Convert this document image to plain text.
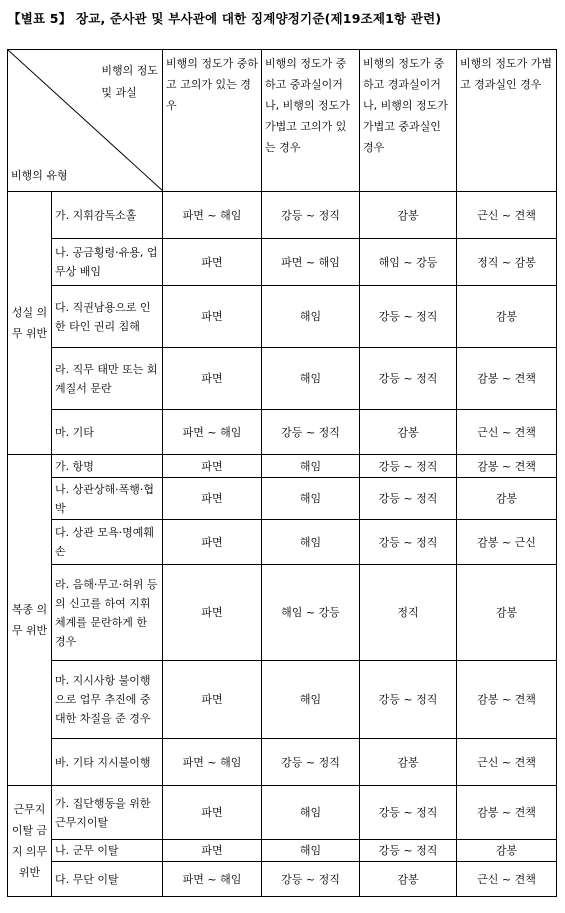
【별표 5】 장교, 준사관 및 부사관에 대한 징계양정기준(제19조제1항 관련)
비행의 정도
및 과실
비행의 유형		비행의 정도가 중하고 고의가 있는 경우	비행의 정도가 중하고 중과실이거나, 비행의 정도가 가볍고 고의가 있는 경우	비행의 정도가 중하고 경과실이거나, 비행의 정도가 가볍고 중과실인 경우	비행의 정도가 가볍고 경과실인 경우
성실 의무 위반	가. 지휘감독소홀	파면 ~ 해임	강등 ~ 정직	감봉	근신 ~ 견책
	나. 공금횡령·유용, 업무상 배임	파면	파면 ~ 해임	해임 ~ 강등	정직 ~ 감봉
	다. 직권남용으로 인한 타인 권리 침해	파면	해임	강등 ~ 정직	감봉
	라. 직무 태만 또는 회계질서 문란	파면	해임	강등 ~ 정직	감봉 ~ 견책
	마. 기타	파면 ~ 해임	강등 ~ 정직	감봉	근신 ~ 견책
복종 의무 위반	가. 항명	파면	해임	강등 ~ 정직	감봉 ~ 견책
	나. 상관상해·폭행·협박	파면	해임	강등 ~ 정직	감봉
	다. 상관 모욕·명예훼손	파면	해임	강등 ~ 정직	감봉 ~ 근신
	라. 음해·무고·허위 등의 신고를 하여 지휘체계를 문란하게 한 경우	파면	해임 ~ 강등	정직	감봉
	마. 지시사항 불이행으로 업무 추진에 중대한 차질을 준 경우	파면	해임	강등 ~ 정직	감봉 ~ 견책
	바. 기타 지시불이행	파면 ~ 해임	강등 ~ 정직	감봉	근신 ~ 견책
근무지 이탈 금지 의무 위반	가. 집단행동을 위한 근무지이탈	파면	해임	강등 ~ 정직	감봉 ~ 견책
	나. 군무 이탈	파면	해임	강등 ~ 정직	감봉
	다. 무단 이탈	파면 ~ 해임	강등 ~ 정직	감봉	근신 ~ 견책
